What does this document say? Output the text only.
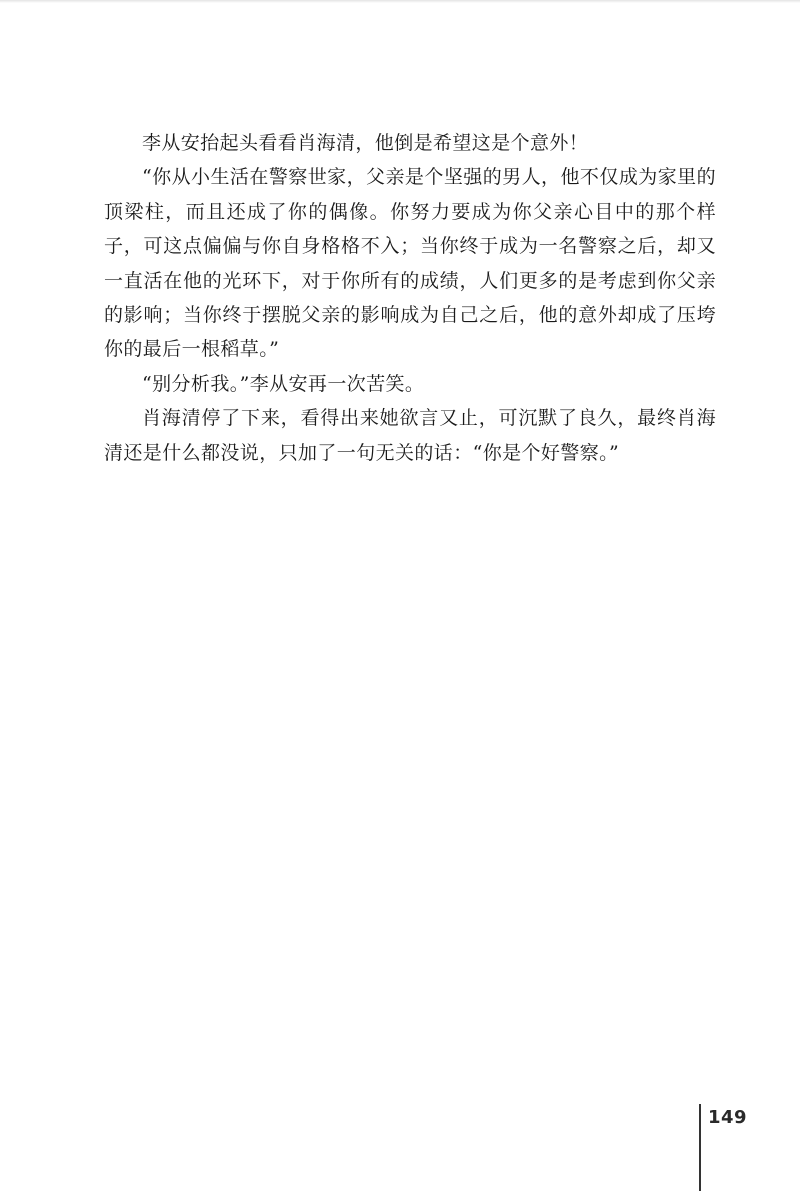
李从安抬起头看看肖海清，他倒是希望这是个意外！

“你从小生活在警察世家，父亲是个坚强的男人，他不仅成为家里的顶梁柱，而且还成了你的偶像。你努力要成为你父亲心目中的那个样子，可这点偏偏与你自身格格不入；当你终于成为一名警察之后，却又一直活在他的光环下，对于你所有的成绩，人们更多的是考虑到你父亲的影响；当你终于摆脱父亲的影响成为自己之后，他的意外却成了压垮你的最后一根稻草。”

“别分析我。”李从安再一次苦笑。

肖海清停了下来，看得出来她欲言又止，可沉默了良久，最终肖海清还是什么都没说，只加了一句无关的话：“你是个好警察。”

149
